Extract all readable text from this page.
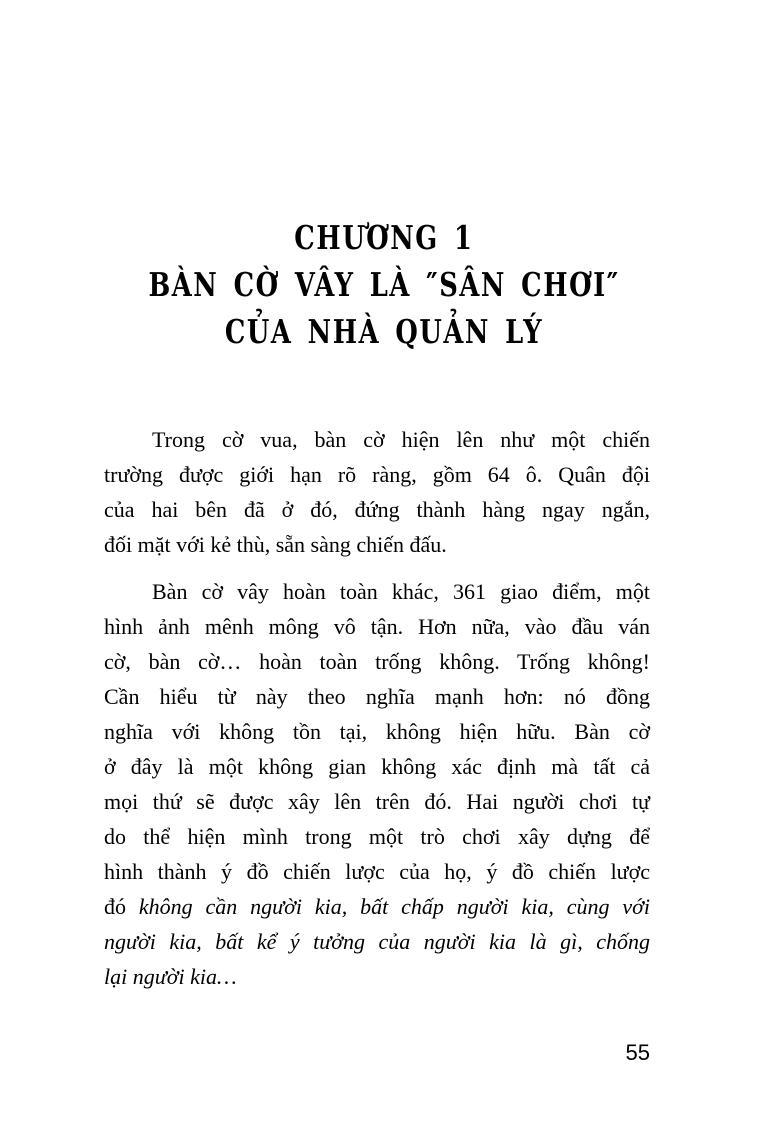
CHƯƠNG 1
BÀN CỜ VÂY LÀ ″SÂN CHƠI″
CỦA NHÀ QUẢN LÝ
Trong cờ vua, bàn cờ hiện lên như một chiến
trường được giới hạn rõ ràng, gồm 64 ô. Quân đội
của hai bên đã ở đó, đứng thành hàng ngay ngắn,
đối mặt với kẻ thù, sẵn sàng chiến đấu.
Bàn cờ vây hoàn toàn khác, 361 giao điểm, một
hình ảnh mênh mông vô tận. Hơn nữa, vào đầu ván
cờ, bàn cờ… hoàn toàn trống không. Trống không!
Cần hiểu từ này theo nghĩa mạnh hơn: nó đồng
nghĩa với không tồn tại, không hiện hữu. Bàn cờ
ở đây là một không gian không xác định mà tất cả
mọi thứ sẽ được xây lên trên đó. Hai người chơi tự
do thể hiện mình trong một trò chơi xây dựng để
hình thành ý đồ chiến lược của họ, ý đồ chiến lược
đó không cần người kia, bất chấp người kia, cùng với
người kia, bất kể ý tưởng của người kia là gì, chống
lại người kia…
55
